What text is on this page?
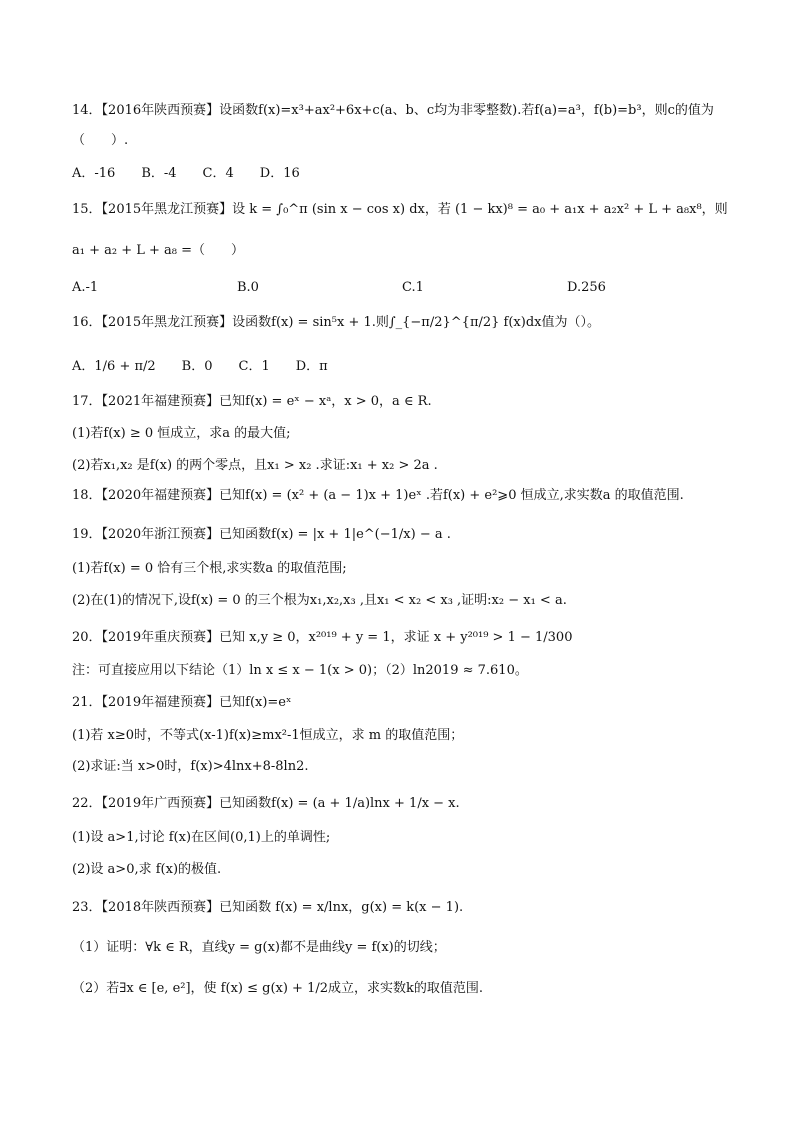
14．【2016年陕西预赛】设函数f(x)=x³+ax²+6x+c(a、b、c均为非零整数).若f(a)=a³，f(b)=b³，则c的值为
（　　）.
A．-16 B．-4 C．4 D．16
15．【2015年黑龙江预赛】设 k = ∫₀^π (sin x − cos x) dx，若 (1 − kx)⁸ = a₀ + a₁x + a₂x² + L + a₈x⁸，则
a₁ + a₂ + L + a₈ =（　　）
A.-1	B.0	C.1	D.256
16．【2015年黑龙江预赛】设函数f(x) = sin⁵x + 1.则∫_{−π/2}^{π/2} f(x)dx值为（）。
A．1/6 + π/2 B．0 C．1 D．π
17．【2021年福建预赛】已知f(x) = eˣ − xᵃ，x > 0，a ∈ R.
(1)若f(x) ≥ 0 恒成立，求a 的最大值;
(2)若x₁,x₂ 是f(x) 的两个零点，且x₁ > x₂ .求证:x₁ + x₂ > 2a .
18．【2020年福建预赛】已知f(x) = (x² + (a − 1)x + 1)eˣ .若f(x) + e²⩾0 恒成立,求实数a 的取值范围.
19．【2020年浙江预赛】已知函数f(x) = |x + 1|e^(−1/x) − a .
(1)若f(x) = 0 恰有三个根,求实数a 的取值范围;
(2)在(1)的情况下,设f(x) = 0 的三个根为x₁,x₂,x₃ ,且x₁ < x₂ < x₃ ,证明:x₂ − x₁ < a.
20．【2019年重庆预赛】已知 x,y ≥ 0，x²⁰¹⁹ + y = 1，求证 x + y²⁰¹⁹ > 1 − 1/300
注：可直接应用以下结论（1）ln x ≤ x − 1(x > 0)；（2）ln2019 ≈ 7.610。
21．【2019年福建预赛】已知f(x)=eˣ
(1)若 x≥0时，不等式(x-1)f(x)≥mx²-1恒成立，求 m 的取值范围；
(2)求证:当 x>0时，f(x)>4lnx+8-8ln2.
22．【2019年广西预赛】已知函数f(x) = (a + 1/a)lnx + 1/x − x.
(1)设 a>1,讨论 f(x)在区间(0,1)上的单调性;
(2)设 a>0,求 f(x)的极值.
23．【2018年陕西预赛】已知函数 f(x) = x/lnx，g(x) = k(x − 1).
（1）证明：∀k ∈ R，直线y = g(x)都不是曲线y = f(x)的切线；
（2）若∃x ∈ [e, e²]，使 f(x) ≤ g(x) + 1/2成立，求实数k的取值范围.
